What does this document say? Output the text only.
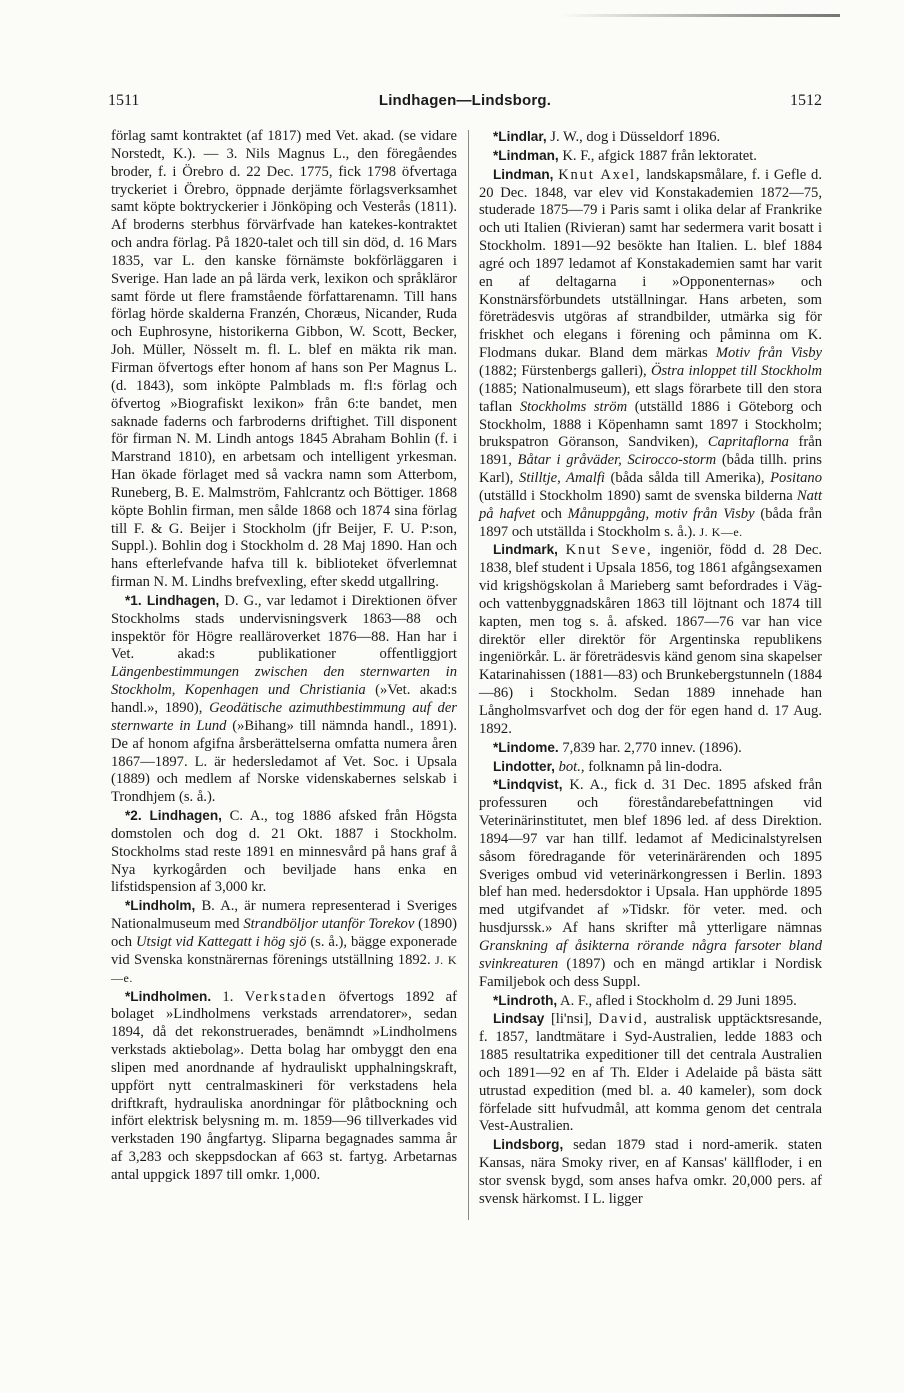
1511	Lindhagen—Lindsborg.	1512

förlag samt kontraktet (af 1817) med Vet. akad. (se vidare Norstedt, K.). — 3. Nils Magnus L., den föregåendes broder, f. i Örebro d. 22 Dec. 1775, fick 1798 öfvertaga tryckeriet i Örebro, öppnade derjämte förlagsverksamhet samt köpte boktryckerier i Jönköping och Vesterås (1811). Af broderns sterbhus förvärfvade han katekes-kontraktet och andra förlag. På 1820-talet och till sin död, d. 16 Mars 1835, var L. den kanske förnämste bokförläggaren i Sverige. Han lade an på lärda verk, lexikon och språkläror samt förde ut flere framstående författarenamn. Till hans förlag hörde skalderna Franzén, Choræus, Nicander, Ruda och Euphrosyne, historikerna Gibbon, W. Scott, Becker, Joh. Müller, Nösselt m. fl. L. blef en mäktа rik man. Firman öfvertogs efter honom af hans son Per Magnus L. (d. 1843), som inköpte Palmblads m. fl:s förlag och öfvertog »Biografiskt lexikon» från 6:te bandet, men saknade faderns och farbroderns driftighet. Till disponent för firman N. M. Lindh antogs 1845 Abraham Bohlin (f. i Marstrand 1810), en arbetsam och intelligent yrkesman. Han ökade förlaget med så vackra namn som Atterbom, Runeberg, B. E. Malmström, Fahlcrantz och Böttiger. 1868 köpte Bohlin firman, men sålde 1868 och 1874 sina förlag till F. & G. Beijer i Stockholm (jfr Beijer, F. U. P:son, Suppl.). Bohlin dog i Stockholm d. 28 Maj 1890. Han och hans efterlefvande hafva till k. biblioteket öfverlemnat firman N. M. Lindhs brefvexling, efter skedd utgallring.

*1. Lindhagen, D. G., var ledamot i Direktionen öfver Stockholms stads undervisningsverk 1863—88 och inspektör för Högre realläroverket 1876—88. Han har i Vet. akad:s publikationer offentliggjort Längenbestimmungen zwischen den sternwarten in Stockholm, Kopenhagen und Christiania (»Vet. akad:s handl.», 1890), Geodätische azimuthbestimmung auf der sternwarte in Lund (»Bihang» till nämnda handl., 1891). De af honom afgifna årsberättelserna omfatta numera åren 1867—1897. L. är hedersledamot af Vet. Soc. i Upsala (1889) och medlem af Norske videnskabernes selskab i Trondhjem (s. å.).

*2. Lindhagen, C. A., tog 1886 afsked från Högsta domstolen och dog d. 21 Okt. 1887 i Stockholm. Stockholms stad reste 1891 en minnesvård på hans graf å Nya kyrkogården och beviljade hans enka en lifstidspension af 3,000 kr.

*Lindholm, B. A., är numera representerad i Sveriges Nationalmuseum med Strandböljor utanför Torekov (1890) och Utsigt vid Kattegatt i hög sjö (s. å.), bägge exponerade vid Svenska konstnärernas förenings utställning 1892. J. K—e.

*Lindholmen. 1. Verkstaden öfvertogs 1892 af bolaget »Lindholmens verkstads arrendatorer», sedan 1894, då det rekonstruerades, benämndt »Lindholmens verkstads aktiebolag». Detta bolag har ombyggt den ena slipen med anordnande af hydrauliskt upphalningskraft, uppfört nytt centralmaskineri för verkstadens hela driftkraft, hydrauliska anordningar för plåtbockning och infört elektrisk belysning m. m. 1859—96 tillverkades vid verkstaden 190 ångfartyg. Sliparna begagnades samma år af 3,283 och skeppsdockan af 663 st. fartyg. Arbetarnas antal uppgick 1897 till omkr. 1,000.

*Lindlar, J. W., dog i Düsseldorf 1896.

*Lindman, K. F., afgick 1887 från lektoratet.

Lindman, Knut Axel, landskapsmålare, f. i Gefle d. 20 Dec. 1848, var elev vid Konstakademien 1872—75, studerade 1875—79 i Paris samt i olika delar af Frankrike och uti Italien (Rivieran) samt har sedermera varit bosatt i Stockholm. 1891—92 besökte han Italien. L. blef 1884 agré och 1897 ledamot af Konstakademien samt har varit en af deltagarna i »Opponenternas» och Konstnärsförbundets utställningar. Hans arbeten, som företrädesvis utgöras af strandbilder, utmärka sig för friskhet och elegans i förening och påminna om K. Flodmans dukar. Bland dem märkas Motiv från Visby (1882; Fürstenbergs galleri), Östra inloppet till Stockholm (1885; Nationalmuseum), ett slags förarbete till den stora taflan Stockholms ström (utställd 1886 i Göteborg och Stockholm, 1888 i Köpenhamn samt 1897 i Stockholm; brukspatron Göranson, Sandviken), Capritaflorna från 1891, Båtar i gråväder, Scirocco-storm (båda tillh. prins Karl), Stilltje, Amalfi (båda sålda till Amerika), Positano (utställd i Stockholm 1890) samt de svenska bilderna Natt på hafvet och Månuppgång, motiv från Visby (båda från 1897 och utställda i Stockholm s. å.). J. K—e.

Lindmark, Knut Seve, ingeniör, född d. 28 Dec. 1838, blef student i Upsala 1856, tog 1861 afgångsexamen vid krigshögskolan å Marieberg samt befordrades i Väg- och vattenbyggnadskåren 1863 till löjtnant och 1874 till kapten, men tog s. å. afsked. 1867—76 var han vice direktör eller direktör för Argentinska republikens ingeniörkår. L. är företrädesvis känd genom sina skapelser Katarinahissen (1881—83) och Brunkebergstunneln (1884—86) i Stockholm. Sedan 1889 innehade han Långholmsvarfvet och dog der för egen hand d. 17 Aug. 1892.

*Lindome. 7,839 har. 2,770 innev. (1896).

Lindotter, bot., folknamn på lin-dodra.

*Lindqvist, K. A., fick d. 31 Dec. 1895 afsked från professuren och föreståndarebefattningen vid Veterinärinstitutet, men blef 1896 led. af dess Direktion. 1894—97 var han tillf. ledamot af Medicinalstyrelsen såsom föredragande för veterinärärenden och 1895 Sveriges ombud vid veterinärkongressen i Berlin. 1893 blef han med. hedersdoktor i Upsala. Han upphörde 1895 med utgifvandet af »Tidskr. för veter. med. och husdjurssk.» Af hans skrifter må ytterligare nämnas Granskning af åsikterna rörande några farsoter bland svinkreaturen (1897) och en mängd artiklar i Nordisk Familjebok och dess Suppl.

*Lindroth, A. F., afled i Stockholm d. 29 Juni 1895.

Lindsay [li'nsi], David, australisk upptäcktsresande, f. 1857, landtmätare i Syd-Australien, ledde 1883 och 1885 resultatrika expeditioner till det centrala Australien och 1891—92 en af Th. Elder i Adelaide på bästa sätt utrustad expedition (med bl. a. 40 kameler), som dock förfelade sitt hufvudmål, att komma genom det centrala Vest-Australien.

Lindsborg, sedan 1879 stad i nord-amerik. staten Kansas, nära Smoky river, en af Kansas' källfloder, i en stor svensk bygd, som anses hafva omkr. 20,000 pers. af svensk härkomst. I L. ligger
